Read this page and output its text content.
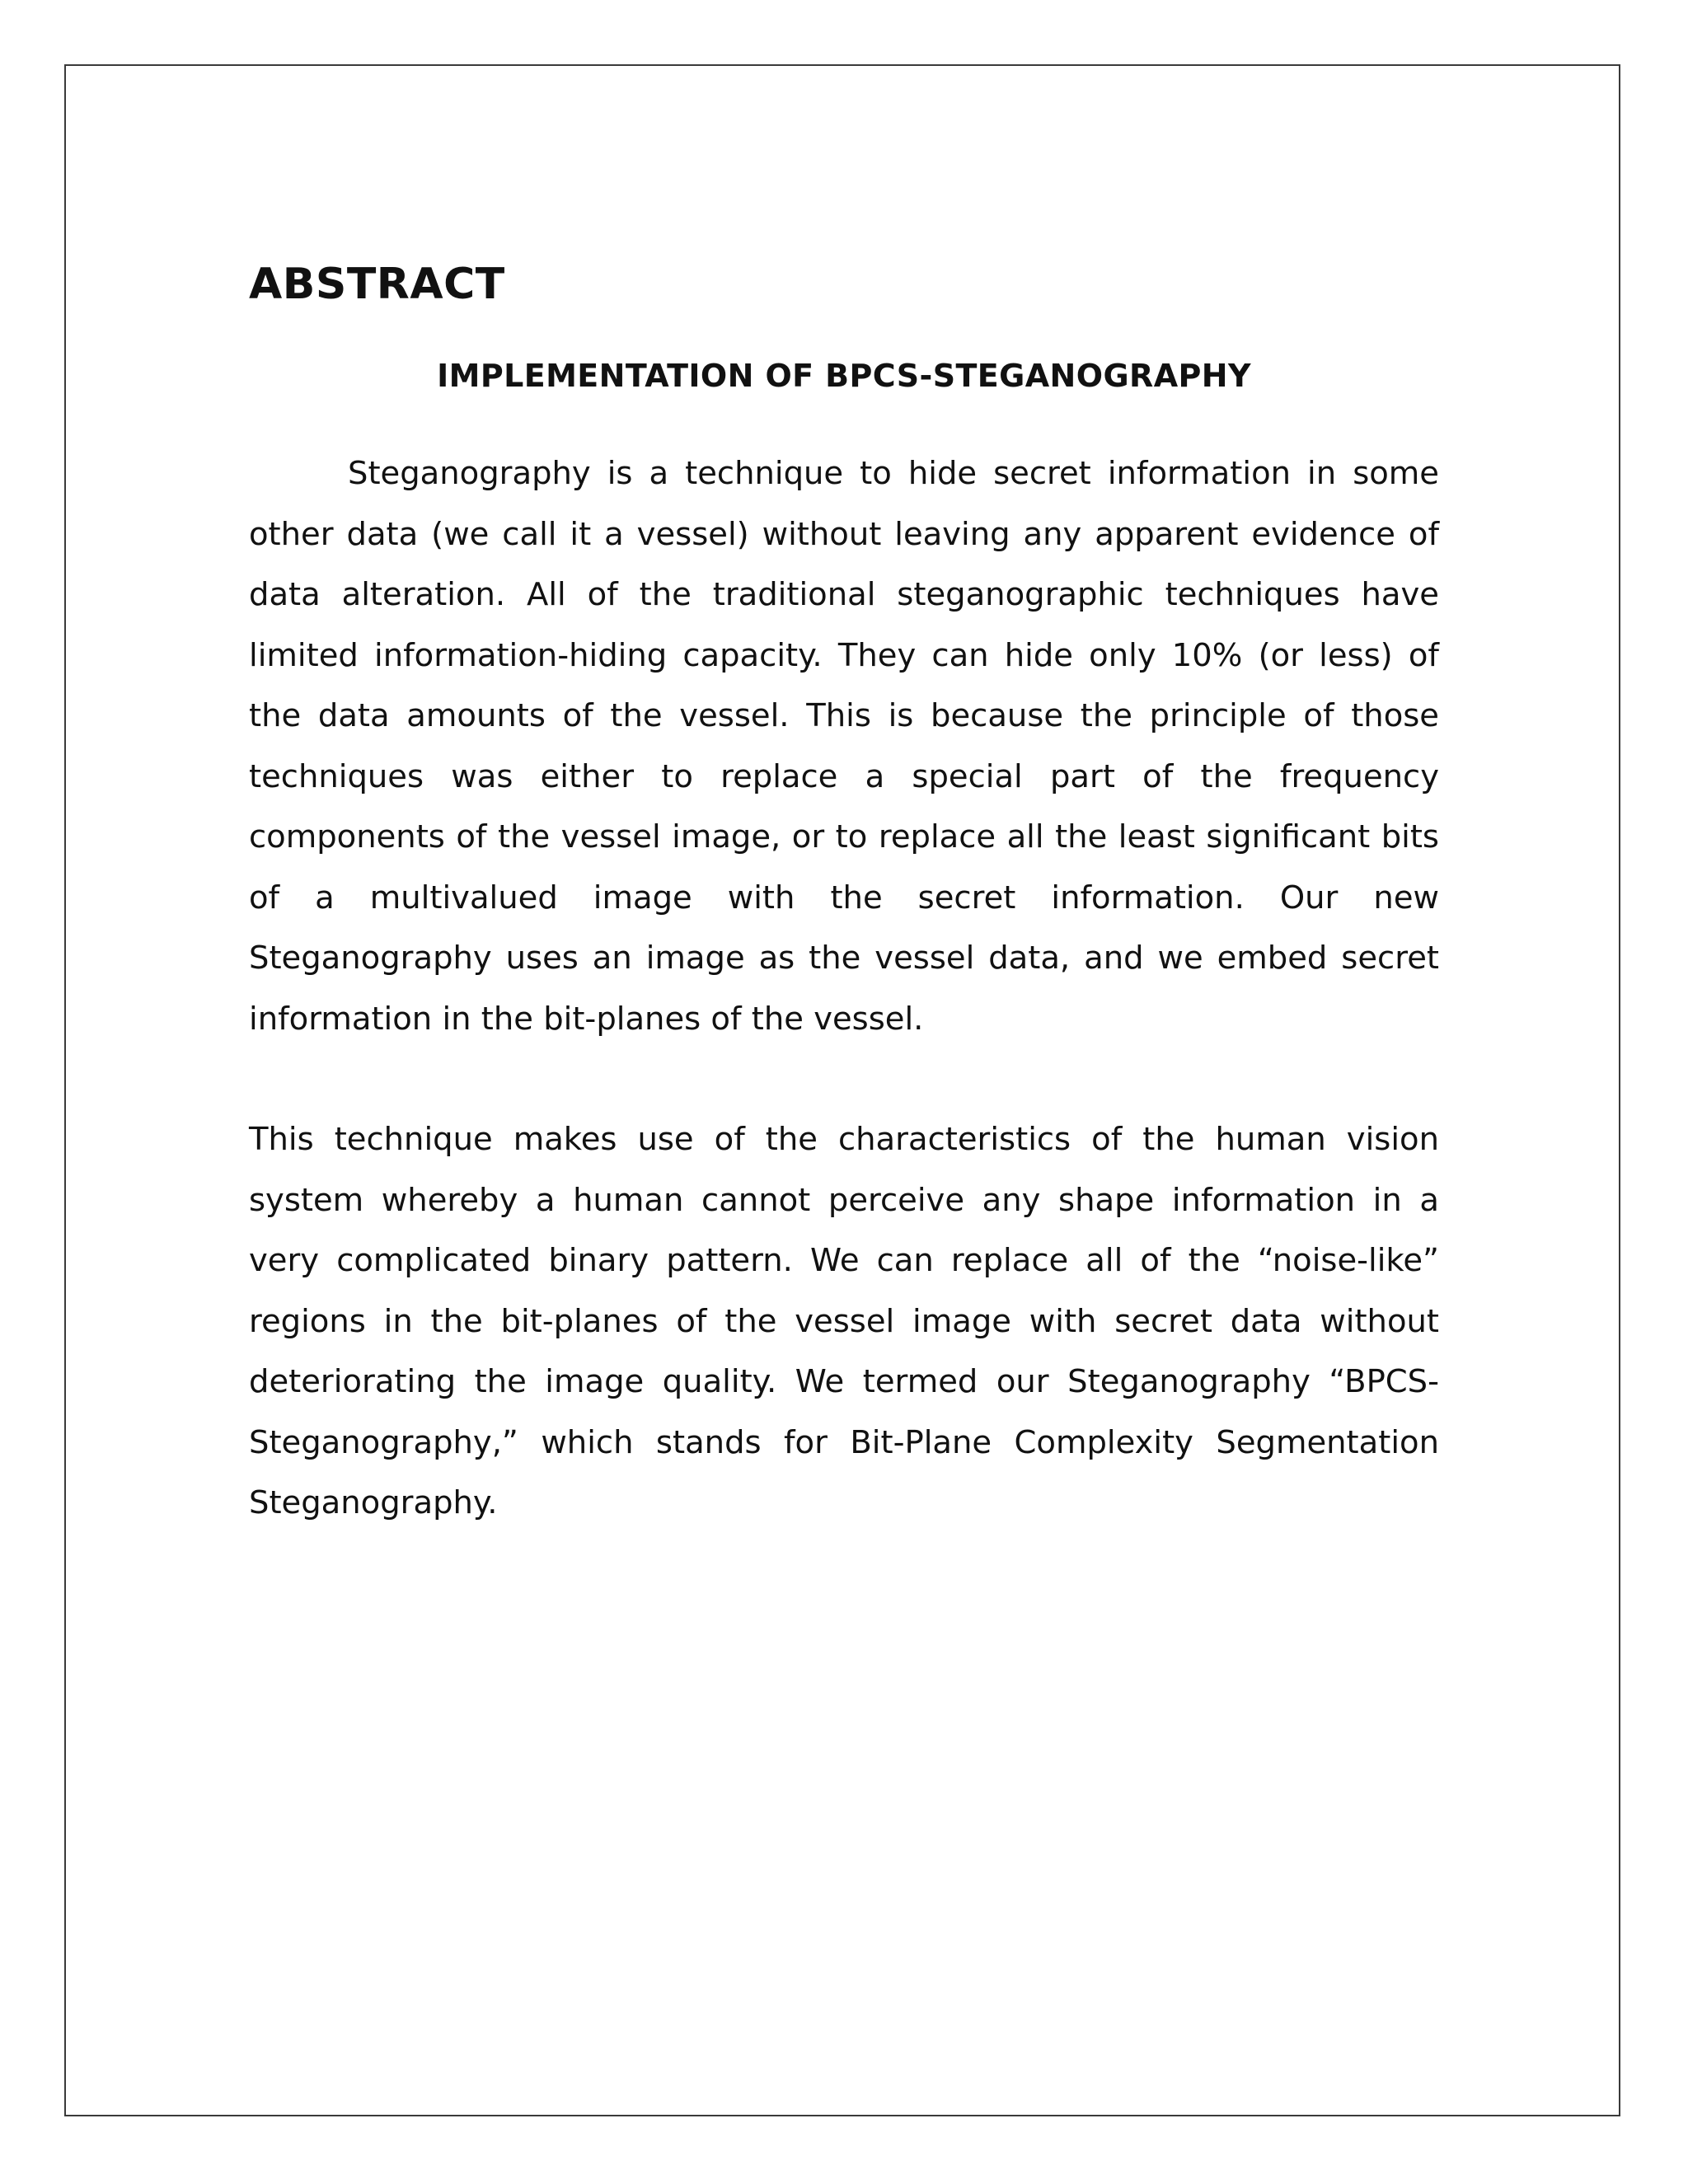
ABSTRACT
IMPLEMENTATION OF BPCS-STEGANOGRAPHY

Steganography is a technique to hide secret information in some other data (we call it a vessel) without leaving any apparent evidence of data alteration. All of the traditional steganographic techniques have limited information-hiding capacity. They can hide only 10% (or less) of the data amounts of the vessel. This is because the principle of those techniques was either to replace a special part of the frequency components of the vessel image, or to replace all the least significant bits of a multivalued image with the secret information. Our new Steganography uses an image as the vessel data, and we embed secret information in the bit-planes of the vessel.

This technique makes use of the characteristics of the human vision system whereby a human cannot perceive any shape information in a very complicated binary pattern. We can replace all of the “noise-like” regions in the bit-planes of the vessel image with secret data without deteriorating the image quality. We termed our Steganography “BPCS-Steganography,” which stands for Bit-Plane Complexity Segmentation Steganography.
